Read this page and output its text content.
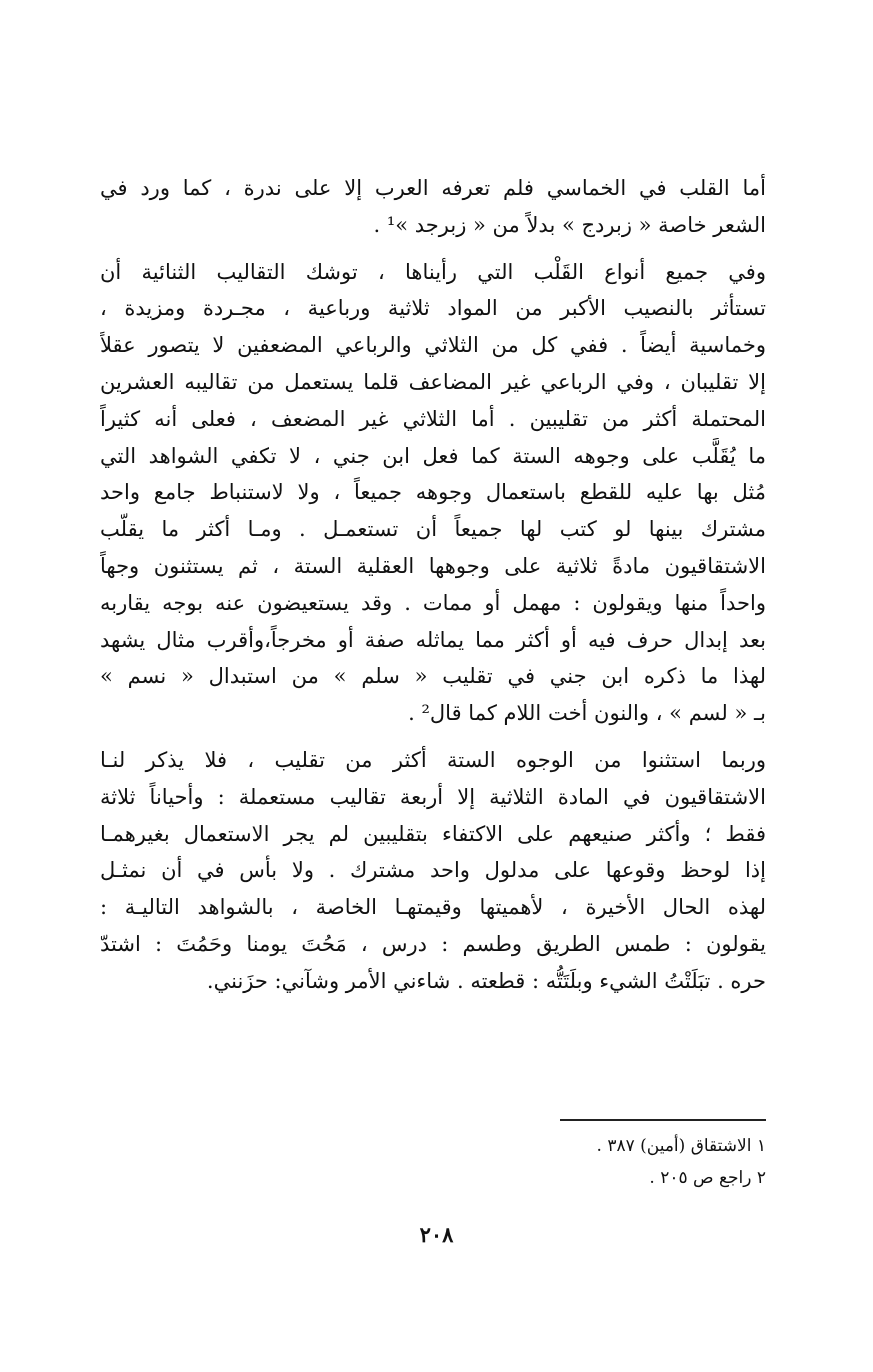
أما القلب في الخماسي فلم تعرفه العرب إلا على ندرة ، كما ورد في
الشعر خاصة « زبردج » بدلاً من « زبرجد »¹ .

وفي جميع أنواع القَلْب التي رأيناها ، توشك التقاليب الثنائية أن
تستأثر بالنصيب الأكبر من المواد ثلاثية ورباعية ، مجـردة ومزيدة ،
وخماسية أيضاً . ففي كل من الثلاثي والرباعي المضعفين لا يتصور عقلاً
إلا تقليبان ، وفي الرباعي غير المضاعف قلما يستعمل من تقاليبه العشرين
المحتملة أكثر من تقليبين . أما الثلاثي غير المضعف ، فعلى أنه كثيراً
ما يُقَلَّب على وجوهه الستة كما فعل ابن جني ، لا تكفي الشواهد التي
مُثل بها عليه للقطع باستعمال وجوهه جميعاً ، ولا لاستنباط جامع واحد
مشترك بينها لو كتب لها جميعاً أن تستعمـل . ومـا أكثر ما يقلّب
الاشتقاقيون مادةً ثلاثية على وجوهها العقلية الستة ، ثم يستثنون وجهاً
واحداً منها ويقولون : مهمل أو ممات . وقد يستعيضون عنه بوجه يقاربه
بعد إبدال حرف فيه أو أكثر مما يماثله صفة أو مخرجاً،وأقرب مثال يشهد
لهذا ما ذكره ابن جني في تقليب « سلم » من استبدال « نسم »
بـ « لسم » ، والنون أخت اللام كما قال² .

وربما استثنوا من الوجوه الستة أكثر من تقليب ، فلا يذكر لنـا
الاشتقاقيون في المادة الثلاثية إلا أربعة تقاليب مستعملة : وأحياناً ثلاثة
فقط ؛ وأكثر صنيعهم على الاكتفاء بتقليبين لم يجر الاستعمال بغيرهمـا
إذا لوحظ وقوعها على مدلول واحد مشترك . ولا بأس في أن نمثـل
لهذه الحال الأخيرة ، لأهميتها وقيمتهـا الخاصة ، بالشواهد التاليـة :
يقولون : طمس الطريق وطسم : درس ، مَحُتَ يومنا وحَمُتَ : اشتدّ
حره . تبَلَتْتُ الشيء وبلَتَتُّه : قطعته . شاءني الأمر وشآني: حزَنني.

١ الاشتقاق (أمين) ٣٨٧ .
٢ راجع ص ٢٠٥ .
٢٠٨
